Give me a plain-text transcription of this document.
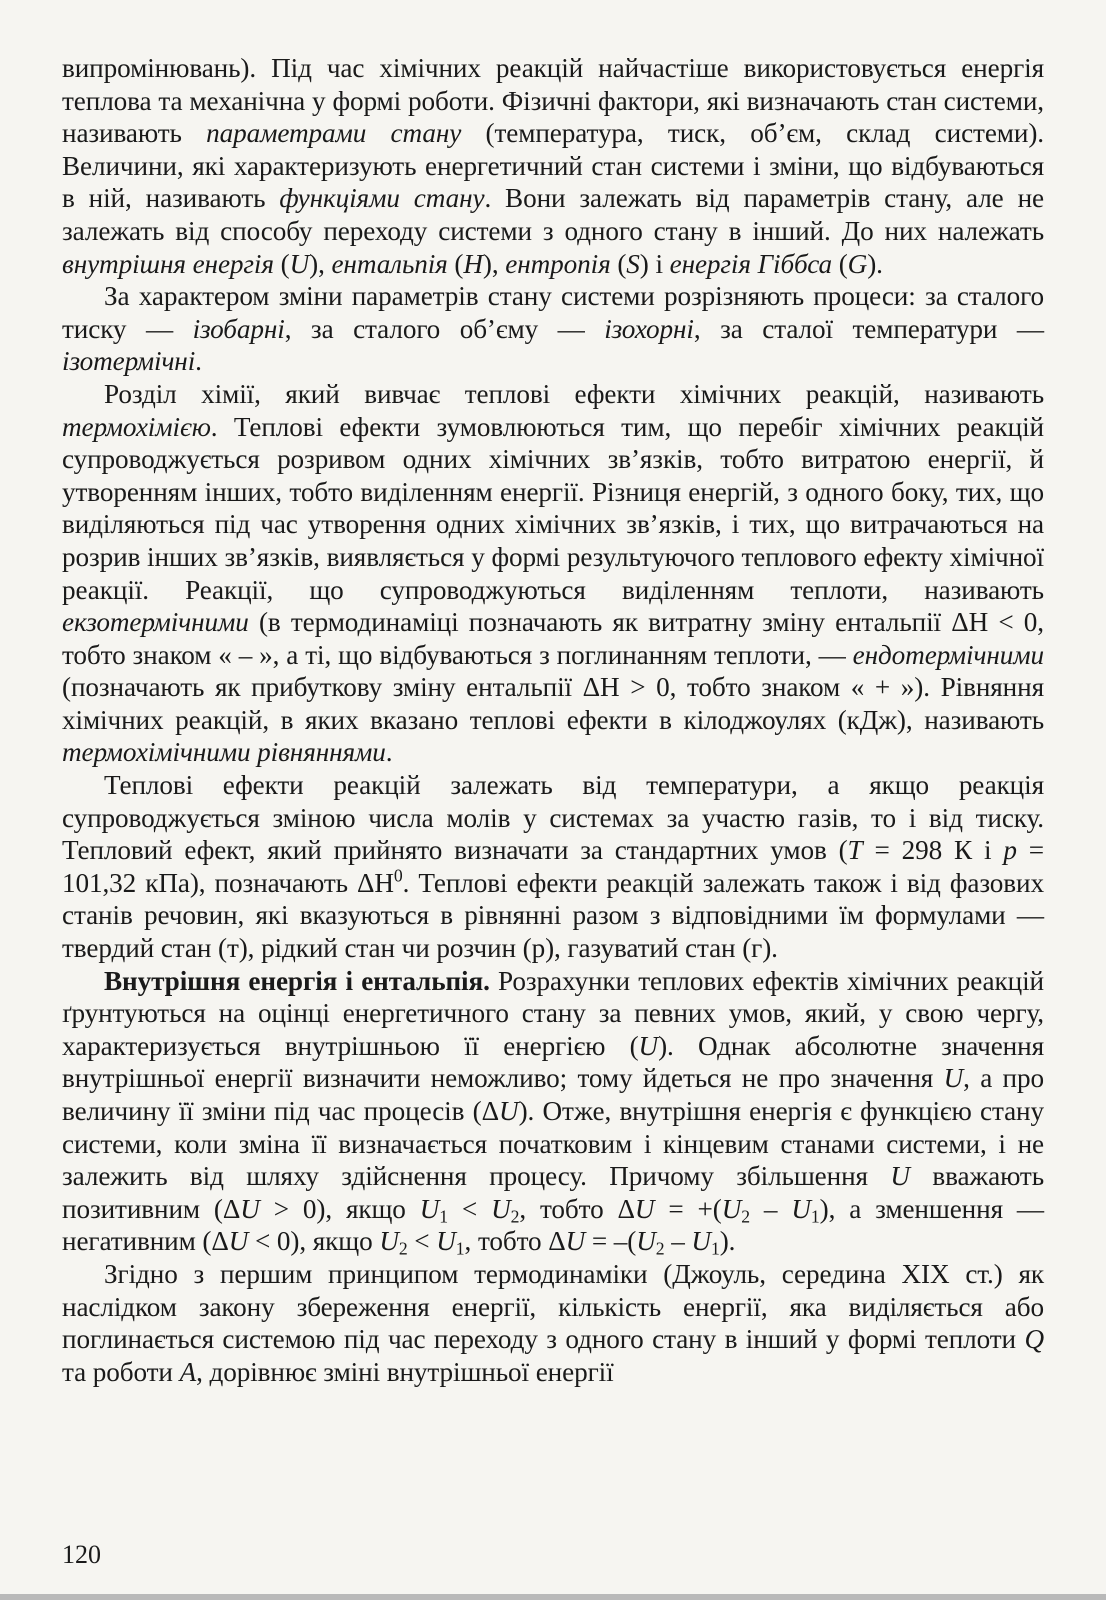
випромінювань). Під час хімічних реакцій найчастіше використовується енергія теплова та механічна у формі роботи. Фізичні фактори, які визначають стан системи, називають параметрами стану (температура, тиск, об’єм, склад системи). Величини, які характеризують енергетичний стан системи і зміни, що відбуваються в ній, називають функціями стану. Вони залежать від параметрів стану, але не залежать від способу переходу системи з одного стану в інший. До них належать внутрішня енергія (U), ентальпія (H), ентропія (S) і енергія Гіббса (G).

За характером зміни параметрів стану системи розрізняють процеси: за сталого тиску — ізобарні, за сталого об’єму — ізохорні, за сталої температури — ізотермічні.

Розділ хімії, який вивчає теплові ефекти хімічних реакцій, називають термохімією. Теплові ефекти зумовлюються тим, що перебіг хімічних реакцій супроводжується розривом одних хімічних зв’язків, тобто витратою енергії, й утворенням інших, тобто виділенням енергії. Різниця енергій, з одного боку, тих, що виділяються під час утворення одних хімічних зв’язків, і тих, що витрачаються на розрив інших зв’язків, виявляється у формі результуючого теплового ефекту хімічної реакції. Реакції, що супроводжуються виділенням теплоти, називають екзотермічними (в термодинаміці позначають як витратну зміну ентальпії ΔH < 0, тобто знаком « – », а ті, що відбуваються з поглинанням теплоти, — ендотермічними (позначають як прибуткову зміну ентальпії ΔH > 0, тобто знаком « + »). Рівняння хімічних реакцій, в яких вказано теплові ефекти в кілоджоулях (кДж), називають термохімічними рівняннями.

Теплові ефекти реакцій залежать від температури, а якщо реакція супроводжується зміною числа молів у системах за участю газів, то і від тиску. Тепловий ефект, який прийнято визначати за стандартних умов (T = 298 К і p = 101,32 кПа), позначають $\Delta H^0$. Теплові ефекти реакцій залежать також і від фазових станів речовин, які вказуються в рівнянні разом з відповідними їм формулами — твердий стан (т), рідкий стан чи розчин (р), газуватий стан (г).

Внутрішня енергія і ентальпія. Розрахунки теплових ефектів хімічних реакцій ґрунтуються на оцінці енергетичного стану за певних умов, який, у свою чергу, характеризується внутрішньою її енергією (U). Однак абсолютне значення внутрішньої енергії визначити неможливо; тому йдеться не про значення U, а про величину її зміни під час процесів (ΔU). Отже, внутрішня енергія є функцією стану системи, коли зміна її визначається початковим і кінцевим станами системи, і не залежить від шляху здійснення процесу. Причому збільшення U вважають позитивним (ΔU > 0), якщо $U_1 < U_2$, тобто $\Delta U = +(U_2 - U_1)$, а зменшення — негативним (ΔU < 0), якщо $U_2 < U_1$, тобто $\Delta U = -(U_2 - U_1)$.

Згідно з першим принципом термодинаміки (Джоуль, середина XIX ст.) як наслідком закону збереження енергії, кількість енергії, яка виділяється або поглинається системою під час переходу з одного стану в інший у формі теплоти Q та роботи A, дорівнює зміні внутрішньої енергії

120
